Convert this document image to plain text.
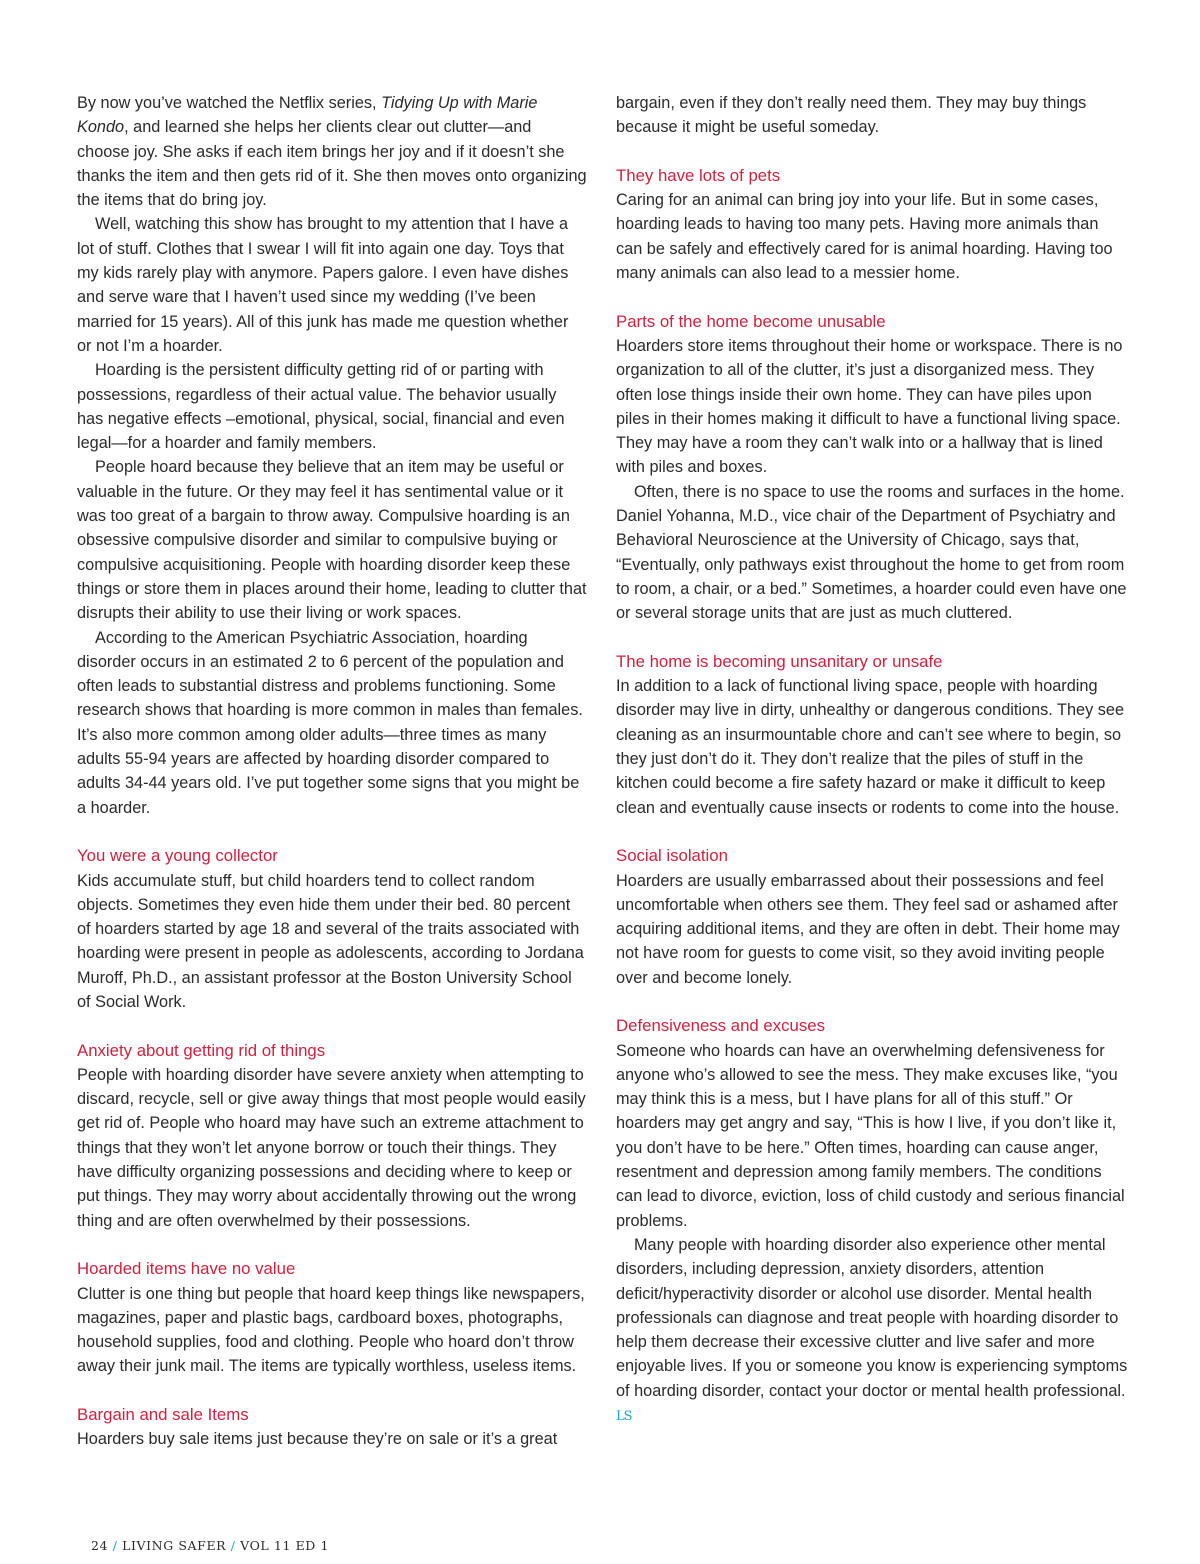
By now you’ve watched the Netflix series, Tidying Up with Marie Kondo, and learned she helps her clients clear out clutter—and choose joy. She asks if each item brings her joy and if it doesn’t she thanks the item and then gets rid of it. She then moves onto organizing the items that do bring joy.

Well, watching this show has brought to my attention that I have a lot of stuff. Clothes that I swear I will fit into again one day. Toys that my kids rarely play with anymore. Papers galore. I even have dishes and serve ware that I haven’t used since my wedding (I’ve been married for 15 years). All of this junk has made me question whether or not I’m a hoarder.

Hoarding is the persistent difficulty getting rid of or parting with possessions, regardless of their actual value. The behavior usually has negative effects –emotional, physical, social, financial and even legal—for a hoarder and family members.

People hoard because they believe that an item may be useful or valuable in the future. Or they may feel it has sentimental value or it was too great of a bargain to throw away. Compulsive hoarding is an obsessive compulsive disorder and similar to compulsive buying or compulsive acquisitioning. People with hoarding disorder keep these things or store them in places around their home, leading to clutter that disrupts their ability to use their living or work spaces.

According to the American Psychiatric Association, hoarding disorder occurs in an estimated 2 to 6 percent of the population and often leads to substantial distress and problems functioning. Some research shows that hoarding is more common in males than females. It’s also more common among older adults—three times as many adults 55-94 years are affected by hoarding disorder compared to adults 34-44 years old. I’ve put together some signs that you might be a hoarder.

You were a young collector

Kids accumulate stuff, but child hoarders tend to collect random objects. Sometimes they even hide them under their bed. 80 percent of hoarders started by age 18 and several of the traits associated with hoarding were present in people as adolescents, according to Jordana Muroff, Ph.D., an assistant professor at the Boston University School of Social Work.

Anxiety about getting rid of things

People with hoarding disorder have severe anxiety when attempting to discard, recycle, sell or give away things that most people would easily get rid of. People who hoard may have such an extreme attachment to things that they won’t let anyone borrow or touch their things. They have difficulty organizing possessions and deciding where to keep or put things. They may worry about accidentally throwing out the wrong thing and are often overwhelmed by their possessions.

Hoarded items have no value

Clutter is one thing but people that hoard keep things like newspapers, magazines, paper and plastic bags, cardboard boxes, photographs, household supplies, food and clothing. People who hoard don’t throw away their junk mail. The items are typically worthless, useless items.

Bargain and sale Items

Hoarders buy sale items just because they’re on sale or it’s a great

bargain, even if they don’t really need them. They may buy things because it might be useful someday.

They have lots of pets

Caring for an animal can bring joy into your life. But in some cases, hoarding leads to having too many pets. Having more animals than can be safely and effectively cared for is animal hoarding. Having too many animals can also lead to a messier home.

Parts of the home become unusable

Hoarders store items throughout their home or workspace. There is no organization to all of the clutter, it’s just a disorganized mess. They often lose things inside their own home. They can have piles upon piles in their homes making it difficult to have a functional living space. They may have a room they can’t walk into or a hallway that is lined with piles and boxes.

Often, there is no space to use the rooms and surfaces in the home. Daniel Yohanna, M.D., vice chair of the Department of Psychiatry and Behavioral Neuroscience at the University of Chicago, says that, “Eventually, only pathways exist throughout the home to get from room to room, a chair, or a bed.” Sometimes, a hoarder could even have one or several storage units that are just as much cluttered.

The home is becoming unsanitary or unsafe

In addition to a lack of functional living space, people with hoarding disorder may live in dirty, unhealthy or dangerous conditions. They see cleaning as an insurmountable chore and can’t see where to begin, so they just don’t do it. They don’t realize that the piles of stuff in the kitchen could become a fire safety hazard or make it difficult to keep clean and eventually cause insects or rodents to come into the house.

Social isolation

Hoarders are usually embarrassed about their possessions and feel uncomfortable when others see them. They feel sad or ashamed after acquiring additional items, and they are often in debt. Their home may not have room for guests to come visit, so they avoid inviting people over and become lonely.

Defensiveness and excuses

Someone who hoards can have an overwhelming defensiveness for anyone who’s allowed to see the mess. They make excuses like, “you may think this is a mess, but I have plans for all of this stuff.” Or hoarders may get angry and say, “This is how I live, if you don’t like it, you don’t have to be here.” Often times, hoarding can cause anger, resentment and depression among family members. The conditions can lead to divorce, eviction, loss of child custody and serious financial problems.

Many people with hoarding disorder also experience other mental disorders, including depression, anxiety disorders, attention deficit/hyperactivity disorder or alcohol use disorder. Mental health professionals can diagnose and treat people with hoarding disorder to help them decrease their excessive clutter and live safer and more enjoyable lives. If you or someone you know is experiencing symptoms of hoarding disorder, contact your doctor or mental health professional. LS

24 / LIVING SAFER / VOL 11 ED 1
